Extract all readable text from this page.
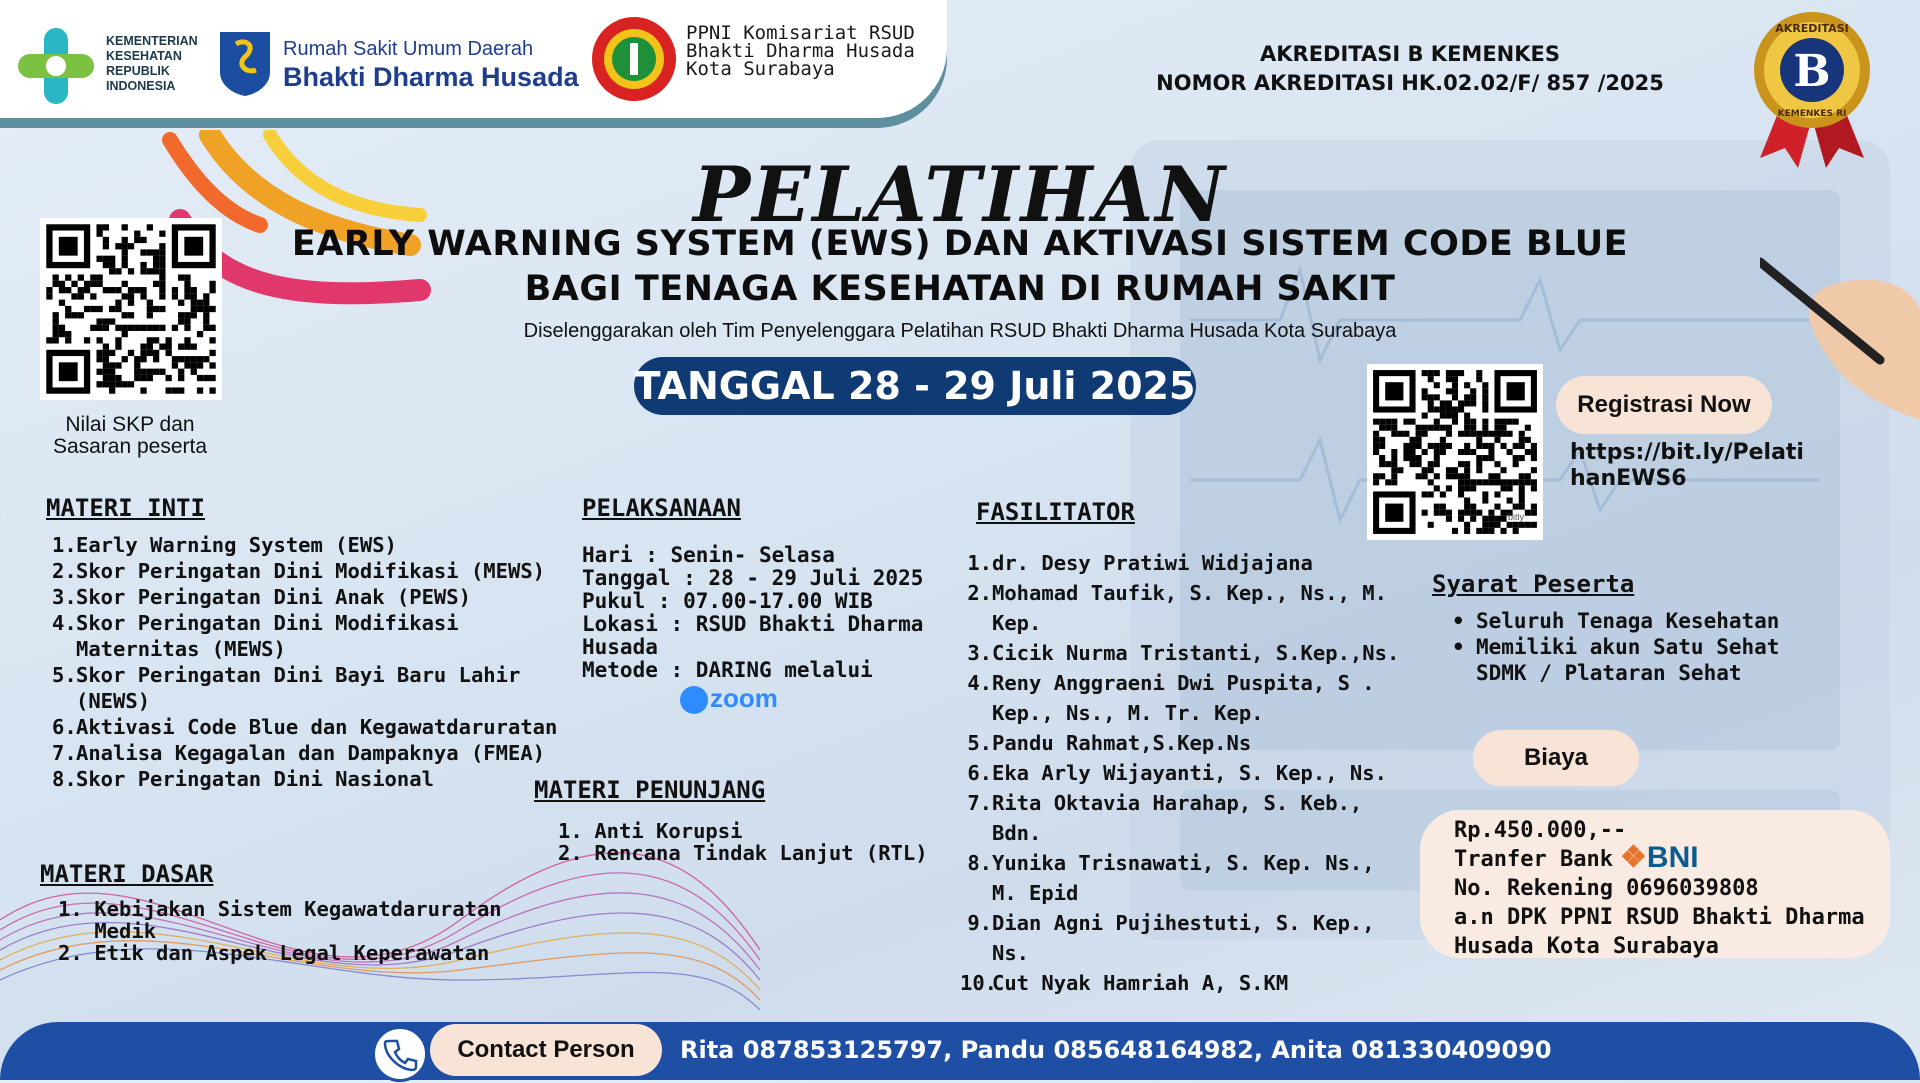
KEMENTERIAN
KESEHATAN
REPUBLIK
INDONESIA
Rumah Sakit Umum Daerah
Bhakti Dharma Husada
PPNI Komisariat RSUD Bhakti Dharma Husada Kota Surabaya
AKREDITASI B KEMENKES
NOMOR AKREDITASI HK.02.02/F/ 857 /2025	B
AKREDITASI
KEMENKES RI
PELATIHAN
EARLY WARNING SYSTEM (EWS) DAN AKTIVASI SISTEM CODE BLUE
BAGI TENAGA KESEHATAN DI RUMAH SAKIT
Diselenggarakan oleh Tim Penyelenggara Pelatihan RSUD Bhakti Dharma Husada Kota Surabaya
TANGGAL 28 - 29 Juli 2025
Nilai SKP dan
Sasaran peserta
bitly
Registrasi Now
https://bit.ly/PelatihanEWS6
MATERI INTI
1. Early Warning System (EWS)
2. Skor Peringatan Dini Modifikasi (MEWS)
3. Skor Peringatan Dini Anak (PEWS)
4. Skor Peringatan Dini Modifikasi Maternitas (MEWS)
5. Skor Peringatan Dini Bayi Baru Lahir (NEWS)
6. Aktivasi Code Blue dan Kegawatdaruratan
7. Analisa Kegagalan dan Dampaknya (FMEA)
8. Skor Peringatan Dini Nasional
MATERI DASAR
1.
Kebijakan Sistem Kegawatdaruratan Medik
2.
Etik dan Aspek Legal Keperawatan
PELAKSANAAN
Hari : Senin- Selasa
Tanggal : 28 - 29 Juli 2025
Pukul : 07.00-17.00 WIB
Lokasi : RSUD Bhakti Dharma Husada
Metode : DARING melalui
zoom
MATERI PENUNJANG
1.
Anti Korupsi
2.
Rencana Tindak Lanjut (RTL)
FASILITATOR
1. dr. Desy Pratiwi Widjajana
2. Mohamad Taufik, S. Kep., Ns., M. Kep.
3. Cicik Nurma Tristanti, S.Kep.,Ns.
4. Reny Anggraeni Dwi Puspita, S . Kep., Ns., M. Tr. Kep.
5. Pandu Rahmat,S.Kep.Ns
6. Eka Arly Wijayanti, S. Kep., Ns.
7. Rita Oktavia Harahap, S. Keb., Bdn.
8. Yunika Trisnawati, S. Kep. Ns., M. Epid
9. Dian Agni Pujihestuti, S. Kep., Ns.
10.
Cut Nyak Hamriah A, S.KM
Syarat Peserta
• Seluruh Tenaga Kesehatan
• Memiliki akun Satu Sehat SDMK / Plataran Sehat
Biaya
Rp.450.000,--
Tranfer Bank
No. Rekening 0696039808
a.n DPK PPNI RSUD Bhakti Dharma Husada Kota Surabaya
❖BNI
Contact Person	Rita 087853125797, Pandu 085648164982, Anita 081330409090
